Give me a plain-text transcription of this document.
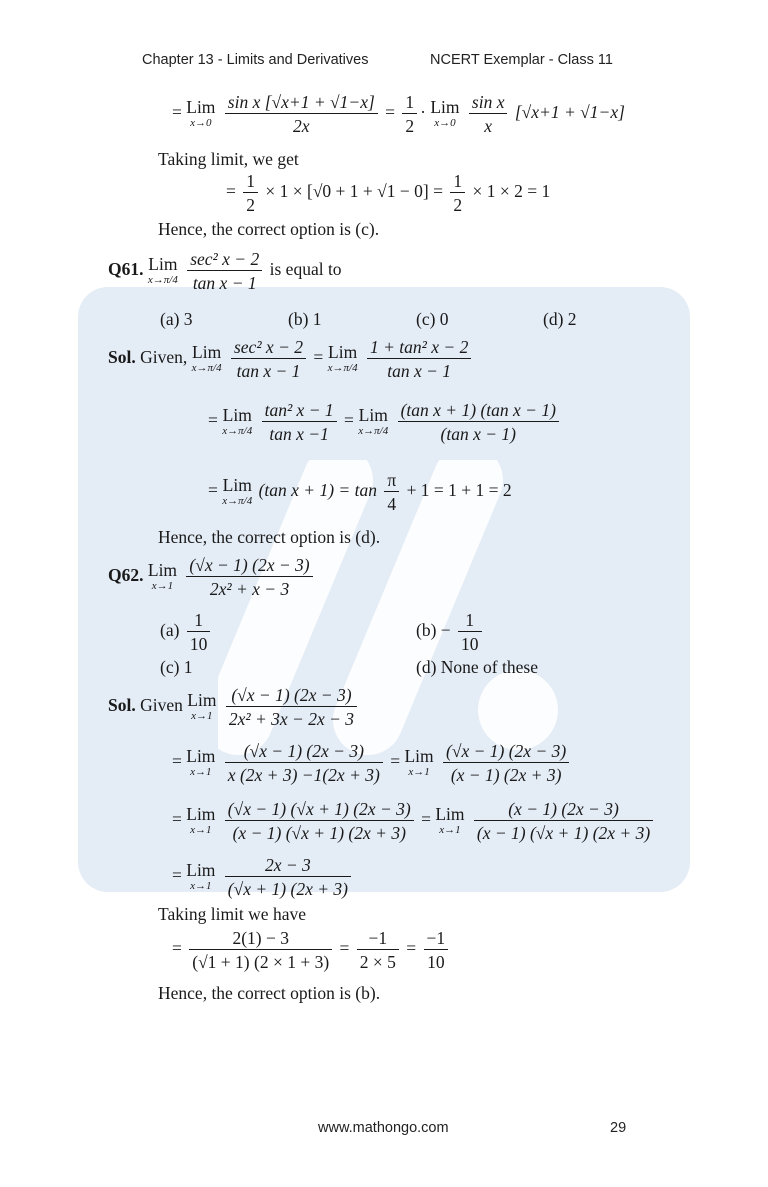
Chapter 13 - Limits and Derivatives	NCERT Exemplar - Class 11
= Lim
x→0
$\frac{\text{sin x [√x+1 + √1−x]}}{2x} = \frac{1}{2}$ · Lim
x→0
$\frac{\text{sin x}}{x} [√x+1 + √1-x]$
Taking limit, we get
= $\frac{1}{2} \times 1 \times [√0 + 1 + √1 - 0] = \frac{1}{2} \times 1 \times 2 = 1$
Hence, the correct option is (c).
Q61. Lim
x→π/4
$\frac{\text{sec² x − 2}}{\text{tan x − 1}}$ is equal to
(a) 3	(b) 1	(c) 0	(d) 2
Sol. Given, Lim
x→π/4
$\frac{\text{sec² x − 2}}{\text{tan x − 1}}$ = Lim
x→π/4
$\frac{\text{1 + tan² x − 2}}{\text{tan x − 1}}$
= Lim
x→π/4
$\frac{\text{tan² x − 1}}{\text{tan x −1}}$ = Lim
x→π/4
$\frac{\text{(tan x + 1) (tan x − 1)}}{\text{(tan x − 1)}}$
= Lim
x→π/4
(tan $x + 1) = \tan \frac{\pi}{4} + 1 = 1 + 1 = 2$
Hence, the correct option is (d).
Q62. Lim
x→1
$\frac{(√x - 1) (2x - 3)}{\text{2x² + x − 3}}$
$(a) \frac{1}{10}$	$(b) - \frac{1}{10}$
(c) 1	(d) None of these
Sol. Given Lim
x→1
$\frac{(√x - 1) (2x - 3)}{\text{2x² + 3x − 2x − 3}}$
= Lim
x→1
$\frac{(√x - 1) (2x - 3)}{x (2x + 3) -1(2x + 3)}$ = Lim
x→1
$\frac{(√x - 1) (2x - 3)}{(x - 1) (2x + 3)}$
= Lim
x→1
$\frac{(√x - 1) (√x + 1) (2x - 3)}{(x - 1) (√x + 1) (2x + 3)}$ = Lim
x→1
$\frac{(x - 1) (2x - 3)}{(x - 1) (√x + 1) (2x + 3)}$
= Lim
x→1
$\frac{2x - 3}{(√x + 1) (2x + 3)}$
Taking limit we have
= $\frac{2(1) - 3}{(√1 + 1) (2 \times 1 + 3)} = \frac{-1}{2 \times 5} = \frac{-1}{10}$
Hence, the correct option is (b).
www.mathongo.com	29
